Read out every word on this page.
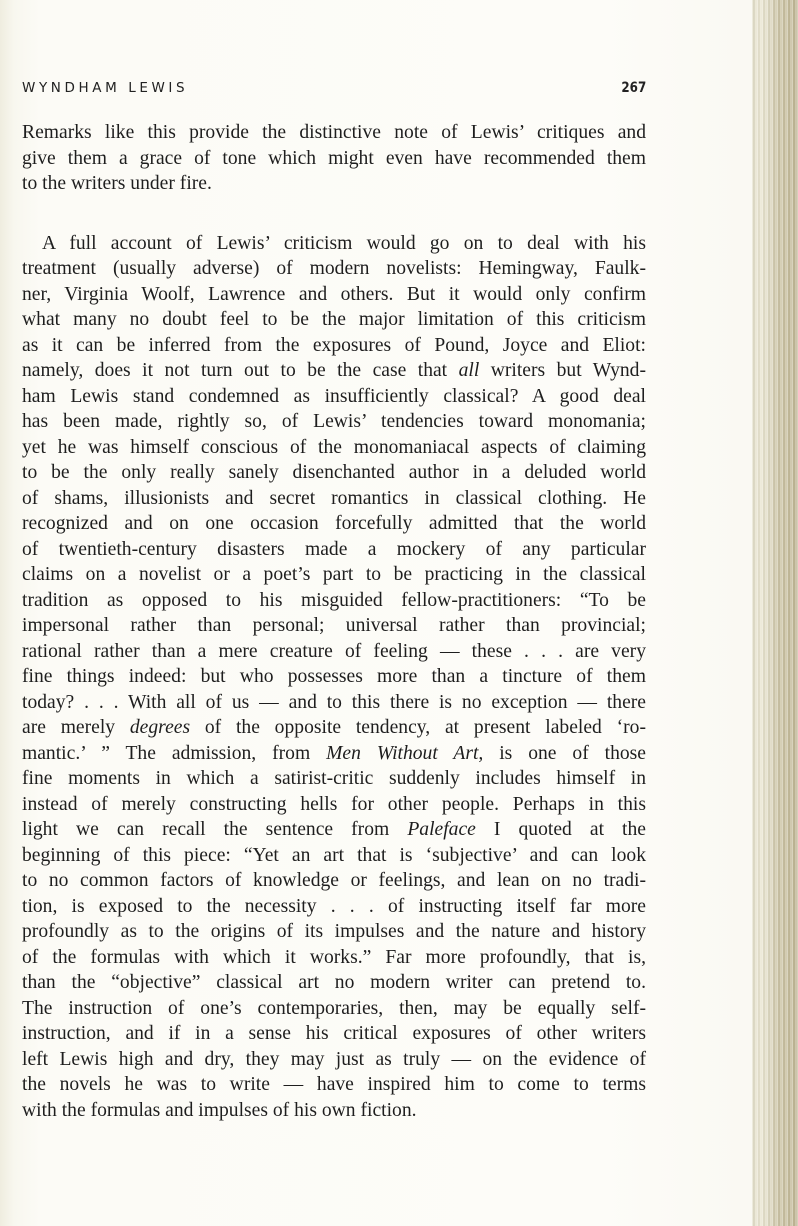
WYNDHAM LEWIS	267
Remarks like this provide the distinctive note of Lewis’ critiques and
give them a grace of tone which might even have recommended them
to the writers under fire.
A full account of Lewis’ criticism would go on to deal with his
treatment (usually adverse) of modern novelists: Hemingway, Faulk-
ner, Virginia Woolf, Lawrence and others. But it would only confirm
what many no doubt feel to be the major limitation of this criticism
as it can be inferred from the exposures of Pound, Joyce and Eliot:
namely, does it not turn out to be the case that all writers but Wynd-
ham Lewis stand condemned as insufficiently classical? A good deal
has been made, rightly so, of Lewis’ tendencies toward monomania;
yet he was himself conscious of the monomaniacal aspects of claiming
to be the only really sanely disenchanted author in a deluded world
of shams, illusionists and secret romantics in classical clothing. He
recognized and on one occasion forcefully admitted that the world
of twentieth-century disasters made a mockery of any particular
claims on a novelist or a poet’s part to be practicing in the classical
tradition as opposed to his misguided fellow-practitioners: “To be
impersonal rather than personal; universal rather than provincial;
rational rather than a mere creature of feeling — these . . . are very
fine things indeed: but who possesses more than a tincture of them
today? . . . With all of us — and to this there is no exception — there
are merely degrees of the opposite tendency, at present labeled ‘ro-
mantic.’ ” The admission, from Men Without Art, is one of those
fine moments in which a satirist-critic suddenly includes himself in
instead of merely constructing hells for other people. Perhaps in this
light we can recall the sentence from Paleface I quoted at the
beginning of this piece: “Yet an art that is ‘subjective’ and can look
to no common factors of knowledge or feelings, and lean on no tradi-
tion, is exposed to the necessity . . . of instructing itself far more
profoundly as to the origins of its impulses and the nature and history
of the formulas with which it works.” Far more profoundly, that is,
than the “objective” classical art no modern writer can pretend to.
The instruction of one’s contemporaries, then, may be equally self-
instruction, and if in a sense his critical exposures of other writers
left Lewis high and dry, they may just as truly — on the evidence of
the novels he was to write — have inspired him to come to terms
with the formulas and impulses of his own fiction.
